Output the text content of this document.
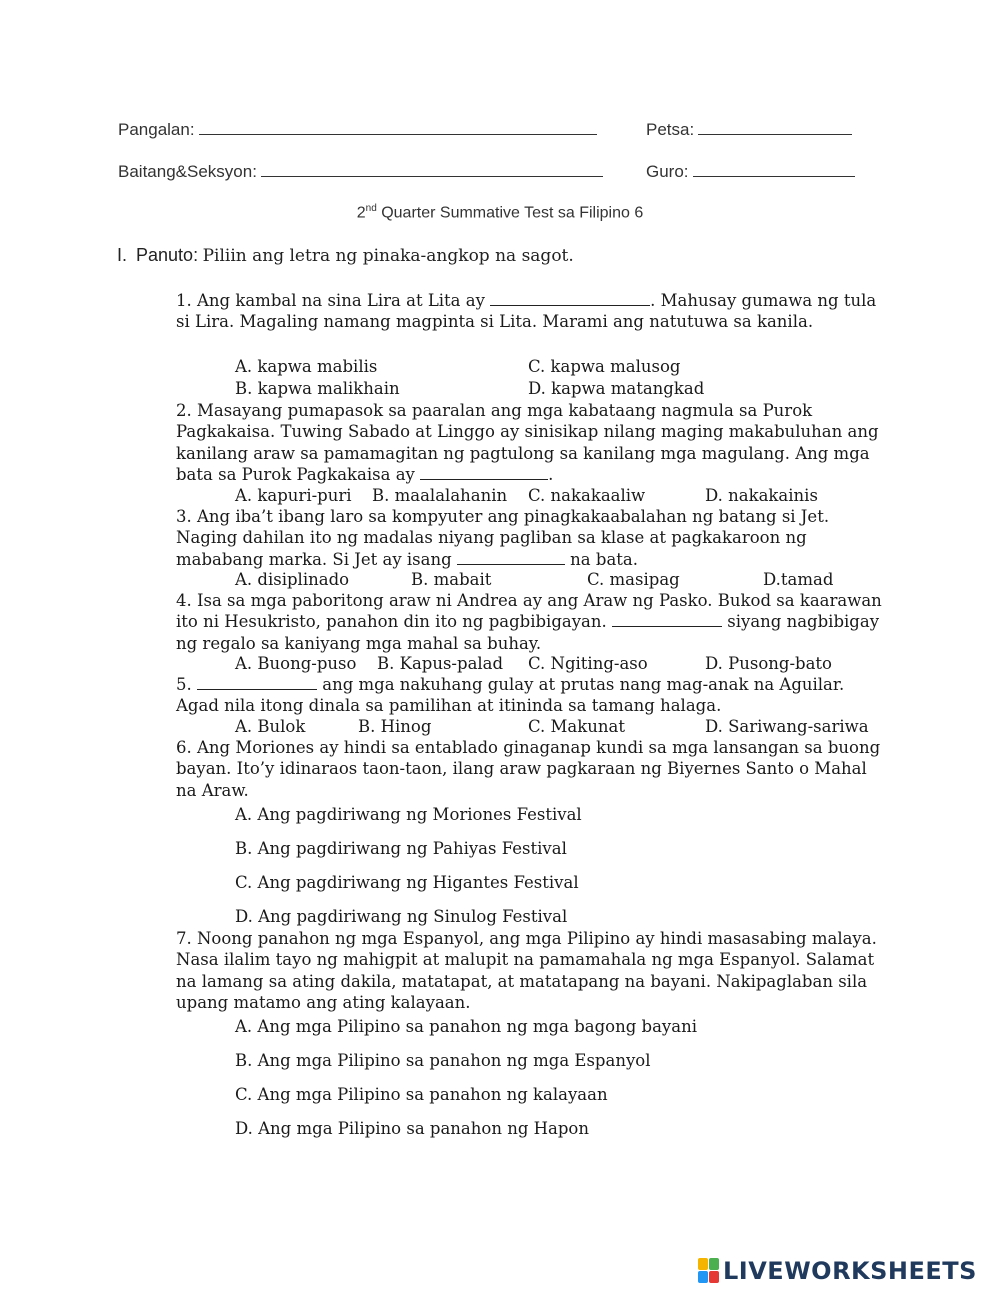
Pangalan:	Petsa:
Baitang&Seksyon:	Guro:
2nd Quarter Summative Test sa Filipino 6
I. Panuto: Piliin ang letra ng pinaka-angkop na sagot.
1. Ang kambal na sina Lira at Lita ay	. Mahusay gumawa ng tula si Lira. Magaling namang magpinta si Lita. Marami ang natutuwa sa kanila.
A. kapwa mabilis	C. kapwa malusog
B. kapwa malikhain	D. kapwa matangkad
2. Masayang pumapasok sa paaralan ang mga kabataang nagmula sa Purok Pagkakaisa. Tuwing Sabado at Linggo ay sinisikap nilang maging makabuluhan ang kanilang araw sa pamamagitan ng pagtulong sa kanilang mga magulang. Ang mga bata sa Purok Pagkakaisa ay	.
A. kapuri-puri B. maalalahanin C. nakakaaliw	D. nakakainis
3. Ang iba’t ibang laro sa kompyuter ang pinagkakaabalahan ng batang si Jet. Naging dahilan ito ng madalas niyang pagliban sa klase at pagkakaroon ng mababang marka. Si Jet ay isang	na bata.
A. disiplinado	B. mabait	C. masipag	D.tamad
4. Isa sa mga paboritong araw ni Andrea ay ang Araw ng Pasko. Bukod sa kaarawan ito ni Hesukristo, panahon din ito ng pagbibigayan.	siyang nagbibigay ng regalo sa kaniyang mga mahal sa buhay.
A. Buong-puso B. Kapus-palad C. Ngiting-aso	D. Pusong-bato
5.	ang mga nakuhang gulay at prutas nang mag-anak na Aguilar. Agad nila itong dinala sa pamilihan at itininda sa tamang halaga.
A. Bulok	B. Hinog	C. Makunat	D. Sariwang-sariwa
6. Ang Moriones ay hindi sa entablado ginaganap kundi sa mga lansangan sa buong bayan. Ito’y idinaraos taon-taon, ilang araw pagkaraan ng Biyernes Santo o Mahal na Araw.
A. Ang pagdiriwang ng Moriones Festival
B. Ang pagdiriwang ng Pahiyas Festival
C. Ang pagdiriwang ng Higantes Festival
D. Ang pagdiriwang ng Sinulog Festival
7. Noong panahon ng mga Espanyol, ang mga Pilipino ay hindi masasabing malaya. Nasa ilalim tayo ng mahigpit at malupit na pamamahala ng mga Espanyol. Salamat na lamang sa ating dakila, matatapat, at matatapang na bayani. Nakipaglaban sila upang matamo ang ating kalayaan.
A. Ang mga Pilipino sa panahon ng mga bagong bayani
B. Ang mga Pilipino sa panahon ng mga Espanyol
C. Ang mga Pilipino sa panahon ng kalayaan
D. Ang mga Pilipino sa panahon ng Hapon
LIVEWORKSHEETS
